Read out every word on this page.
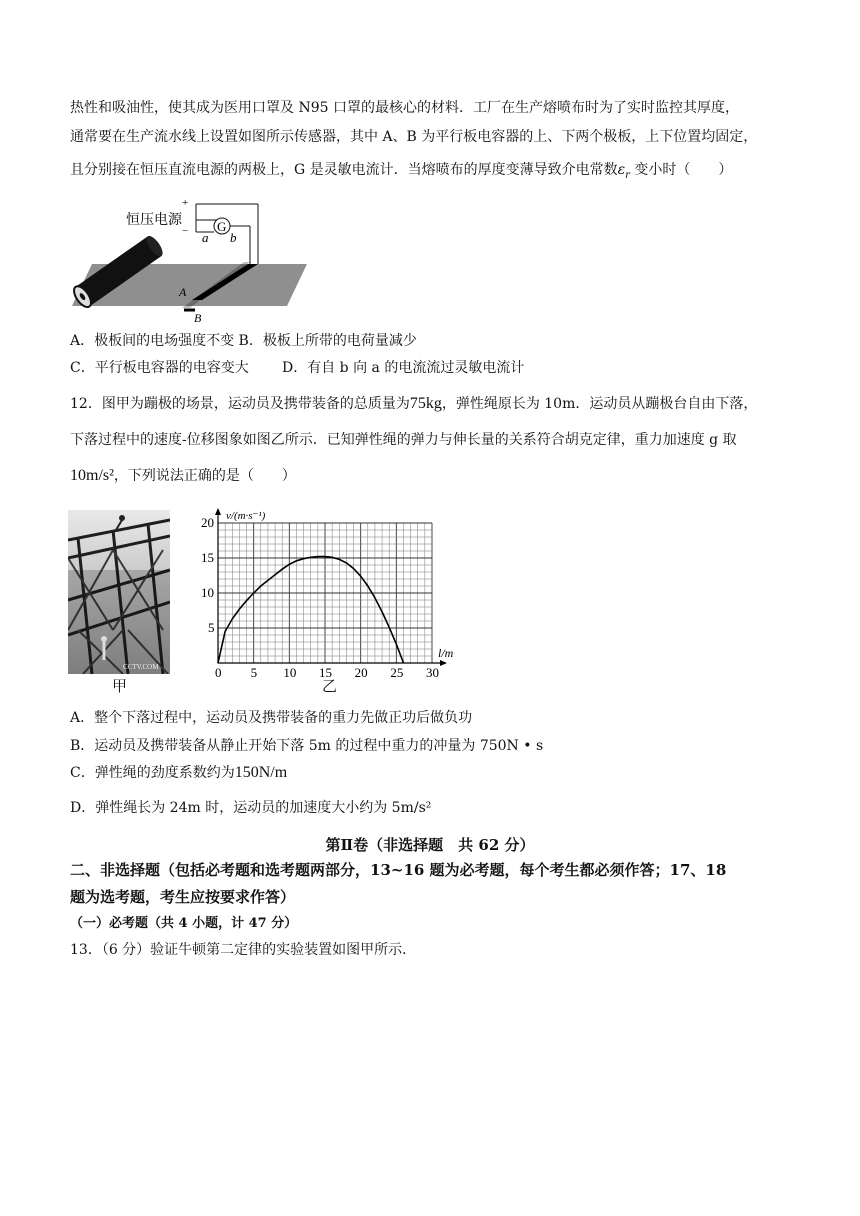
热性和吸油性，使其成为医用口罩及 N95 口罩的最核心的材料．工厂在生产熔喷布时为了实时监控其厚度，
通常要在生产流水线上设置如图所示传感器，其中 A、B 为平行板电容器的上、下两个极板，上下位置均固定，
且分别接在恒压直流电源的两极上，G 是灵敏电流计．当熔喷布的厚度变薄导致介电常数$\varepsilon_r$ 变小时（　　）
恒压电源
+
− G
a b
A
B
A．极板间的电场强度不变 B．极板上所带的电荷量减少
C．平行板电容器的电容变大 D．有自 b 向 a 的电流流过灵敏电流计
12．图甲为蹦极的场景，运动员及携带装备的总质量为75kg，弹性绳原长为 10m．运动员从蹦极台自由下落，
下落过程中的速度-位移图象如图乙所示．已知弹性绳的弹力与伸长量的关系符合胡克定律，重力加速度 g 取
10m/s²，下列说法正确的是（　　）
CCTV.COM
甲
0 5 10 15 20 25 30
5
10
15
20 v/(m·s⁻¹)
l/m
乙
A．整个下落过程中，运动员及携带装备的重力先做正功后做负功
B．运动员及携带装备从静止开始下落 5m 的过程中重力的冲量为 750N • s
C．弹性绳的劲度系数约为150N/m
D．弹性绳长为 24m 时，运动员的加速度大小约为 5m/s²
第Ⅱ卷（非选择题　共 62 分）
二、非选择题（包括必考题和选考题两部分，13~16 题为必考题，每个考生都必须作答；17、18
题为选考题，考生应按要求作答）
（一）必考题（共 4 小题，计 47 分）
13．（6 分）验证牛顿第二定律的实验装置如图甲所示．
